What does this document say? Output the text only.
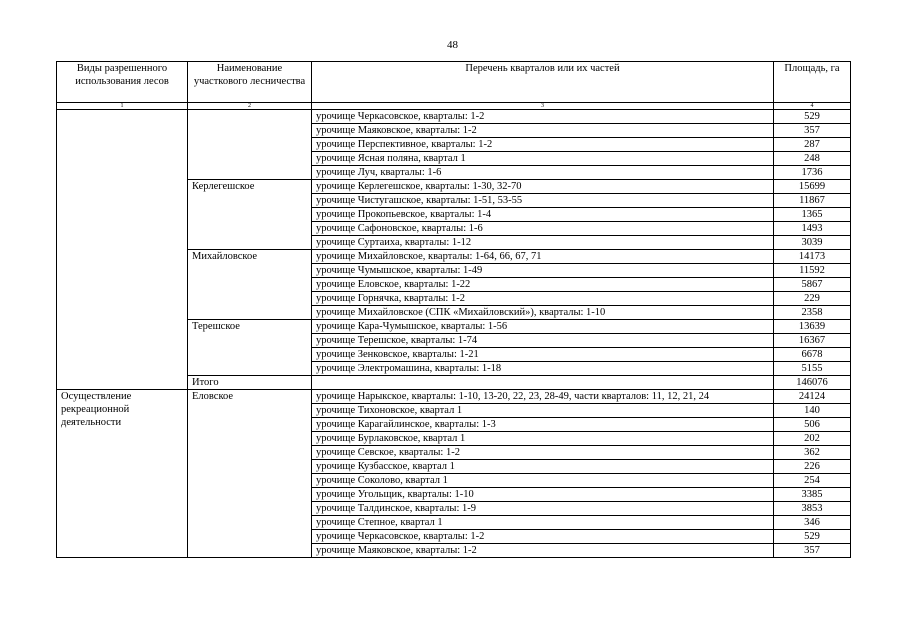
48
Виды разрешенного использования лесов	Наименование участкового лесничества	Перечень кварталов или их частей	Площадь, га
1	2	3	4
		урочище Черкасовское, кварталы: 1-2	529
		урочище Маяковское, кварталы: 1-2	357
		урочище Перспективное, кварталы: 1-2	287
		урочище Ясная поляна, квартал 1	248
		урочище Луч, кварталы: 1-6	1736
	Керлегешское	урочище Керлегешское, кварталы: 1-30, 32-70	15699
		урочище Чистугашское, кварталы: 1-51, 53-55	11867
		урочище Прокопьевское, кварталы: 1-4	1365
		урочище Сафоновское, кварталы: 1-6	1493
		урочище Суртаиха, кварталы: 1-12	3039
	Михайловское	урочище Михайловское, кварталы: 1-64, 66, 67, 71	14173
		урочище Чумышское, кварталы: 1-49	11592
		урочище Еловское, кварталы: 1-22	5867
		урочище Горнячка, кварталы: 1-2	229
		урочище Михайловское (СПК «Михайловский»), кварталы: 1-10	2358
	Терешское	урочище Кара-Чумышское, кварталы: 1-56	13639
		урочище Терешское, кварталы: 1-74	16367
		урочище Зенковское, кварталы: 1-21	6678
		урочище Электромашина, кварталы: 1-18	5155
	Итого		146076
Осуществление рекреационной деятельности	Еловское	урочище Нарыкское, кварталы: 1-10, 13-20, 22, 23, 28-49, части кварталов: 11, 12, 21, 24	24124
		урочище Тихоновское, квартал 1	140
		урочище Карагайлинское, кварталы: 1-3	506
		урочище Бурлаковское, квартал 1	202
		урочище Севское, кварталы: 1-2	362
		урочище Кузбасское, квартал 1	226
		урочище Соколово, квартал 1	254
		урочище Угольщик, кварталы: 1-10	3385
		урочище Талдинское, кварталы: 1-9	3853
		урочище Степное, квартал 1	346
		урочище Черкасовское, кварталы: 1-2	529
		урочище Маяковское, кварталы: 1-2	357
